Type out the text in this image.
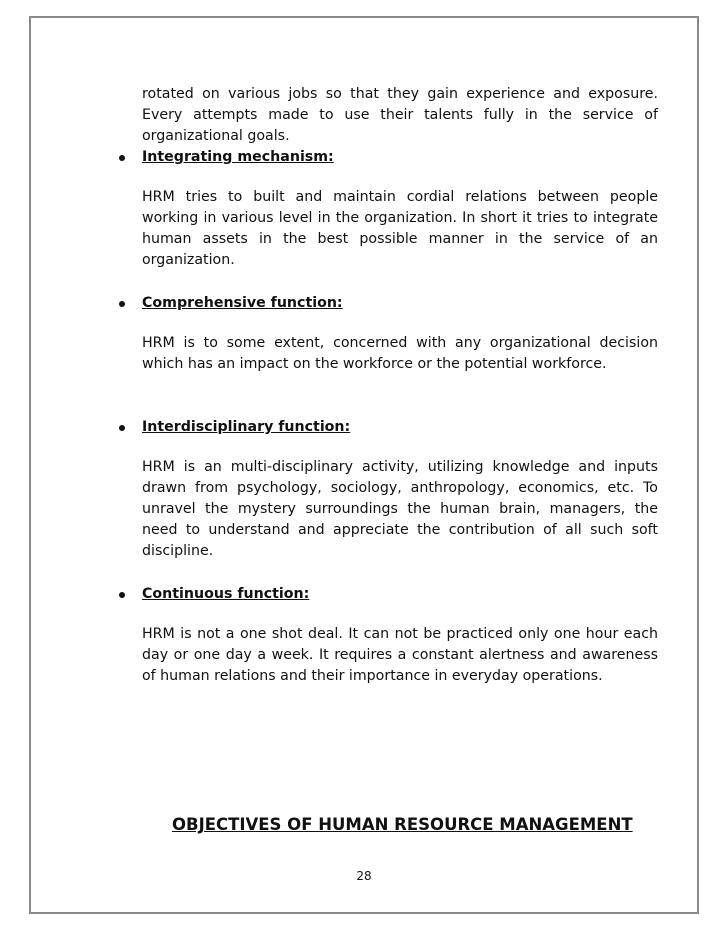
rotated on various jobs so that they gain experience and exposure. Every attempts made to use their talents fully in the service of organizational goals.

Integrating mechanism:

HRM tries to built and maintain cordial relations between people working in various level in the organization. In short it tries to integrate human assets in the best possible manner in the service of an organization.

Comprehensive function:

HRM is to some extent, concerned with any organizational decision which has an impact on the workforce or the potential workforce.

Interdisciplinary function:

HRM is an multi-disciplinary activity, utilizing knowledge and inputs drawn from psychology, sociology, anthropology, economics, etc. To unravel the mystery surroundings the human brain, managers, the need to understand and appreciate the contribution of all such soft discipline.

Continuous function:

HRM is not a one shot deal. It can not be practiced only one hour each day or one day a week. It requires a constant alertness and awareness of human relations and their importance in everyday operations.

OBJECTIVES OF HUMAN RESOURCE MANAGEMENT
28
